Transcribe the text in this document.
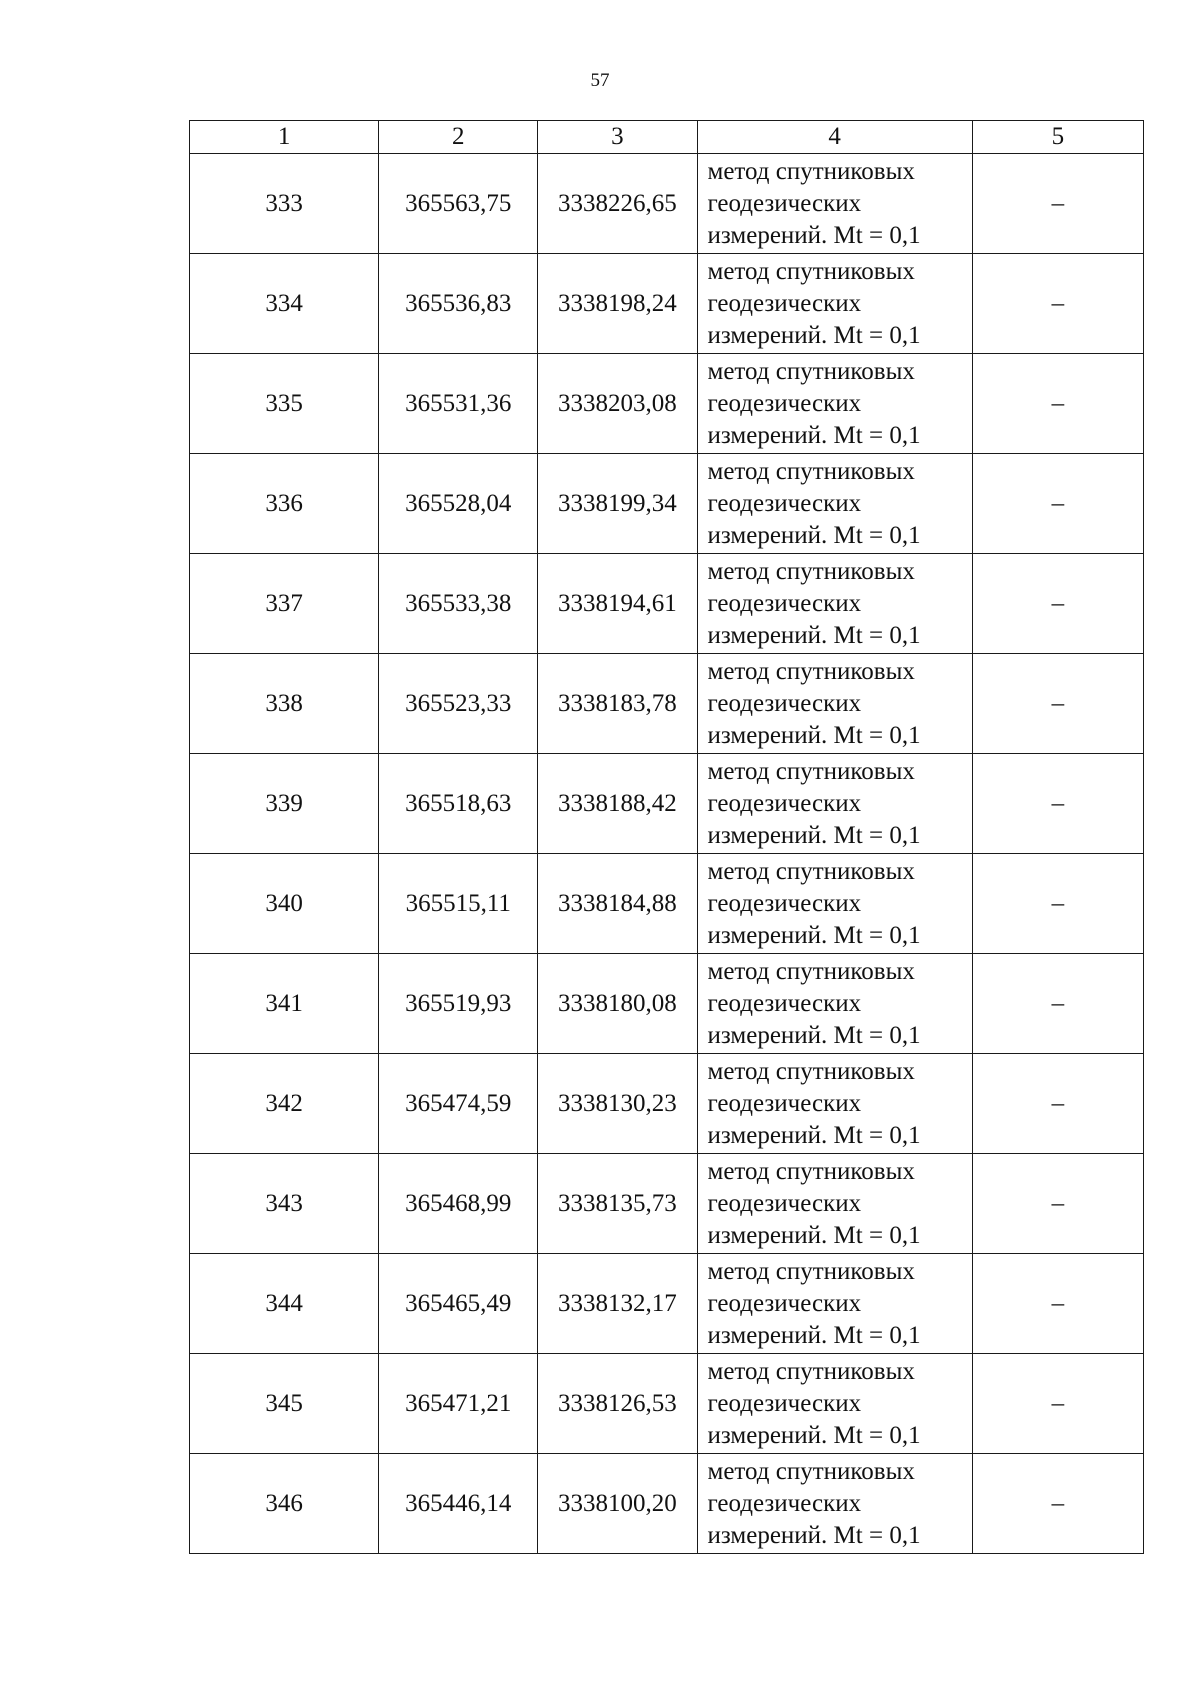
57
1	2	3	4	5
333	365563,75	3338226,65	метод спутниковых
геодезических
измерений. Mt = 0,1	–
334	365536,83	3338198,24	метод спутниковых
геодезических
измерений. Mt = 0,1	–
335	365531,36	3338203,08	метод спутниковых
геодезических
измерений. Mt = 0,1	–
336	365528,04	3338199,34	метод спутниковых
геодезических
измерений. Mt = 0,1	–
337	365533,38	3338194,61	метод спутниковых
геодезических
измерений. Mt = 0,1	–
338	365523,33	3338183,78	метод спутниковых
геодезических
измерений. Mt = 0,1	–
339	365518,63	3338188,42	метод спутниковых
геодезических
измерений. Mt = 0,1	–
340	365515,11	3338184,88	метод спутниковых
геодезических
измерений. Mt = 0,1	–
341	365519,93	3338180,08	метод спутниковых
геодезических
измерений. Mt = 0,1	–
342	365474,59	3338130,23	метод спутниковых
геодезических
измерений. Mt = 0,1	–
343	365468,99	3338135,73	метод спутниковых
геодезических
измерений. Mt = 0,1	–
344	365465,49	3338132,17	метод спутниковых
геодезических
измерений. Mt = 0,1	–
345	365471,21	3338126,53	метод спутниковых
геодезических
измерений. Mt = 0,1	–
346	365446,14	3338100,20	метод спутниковых
геодезических
измерений. Mt = 0,1	–
